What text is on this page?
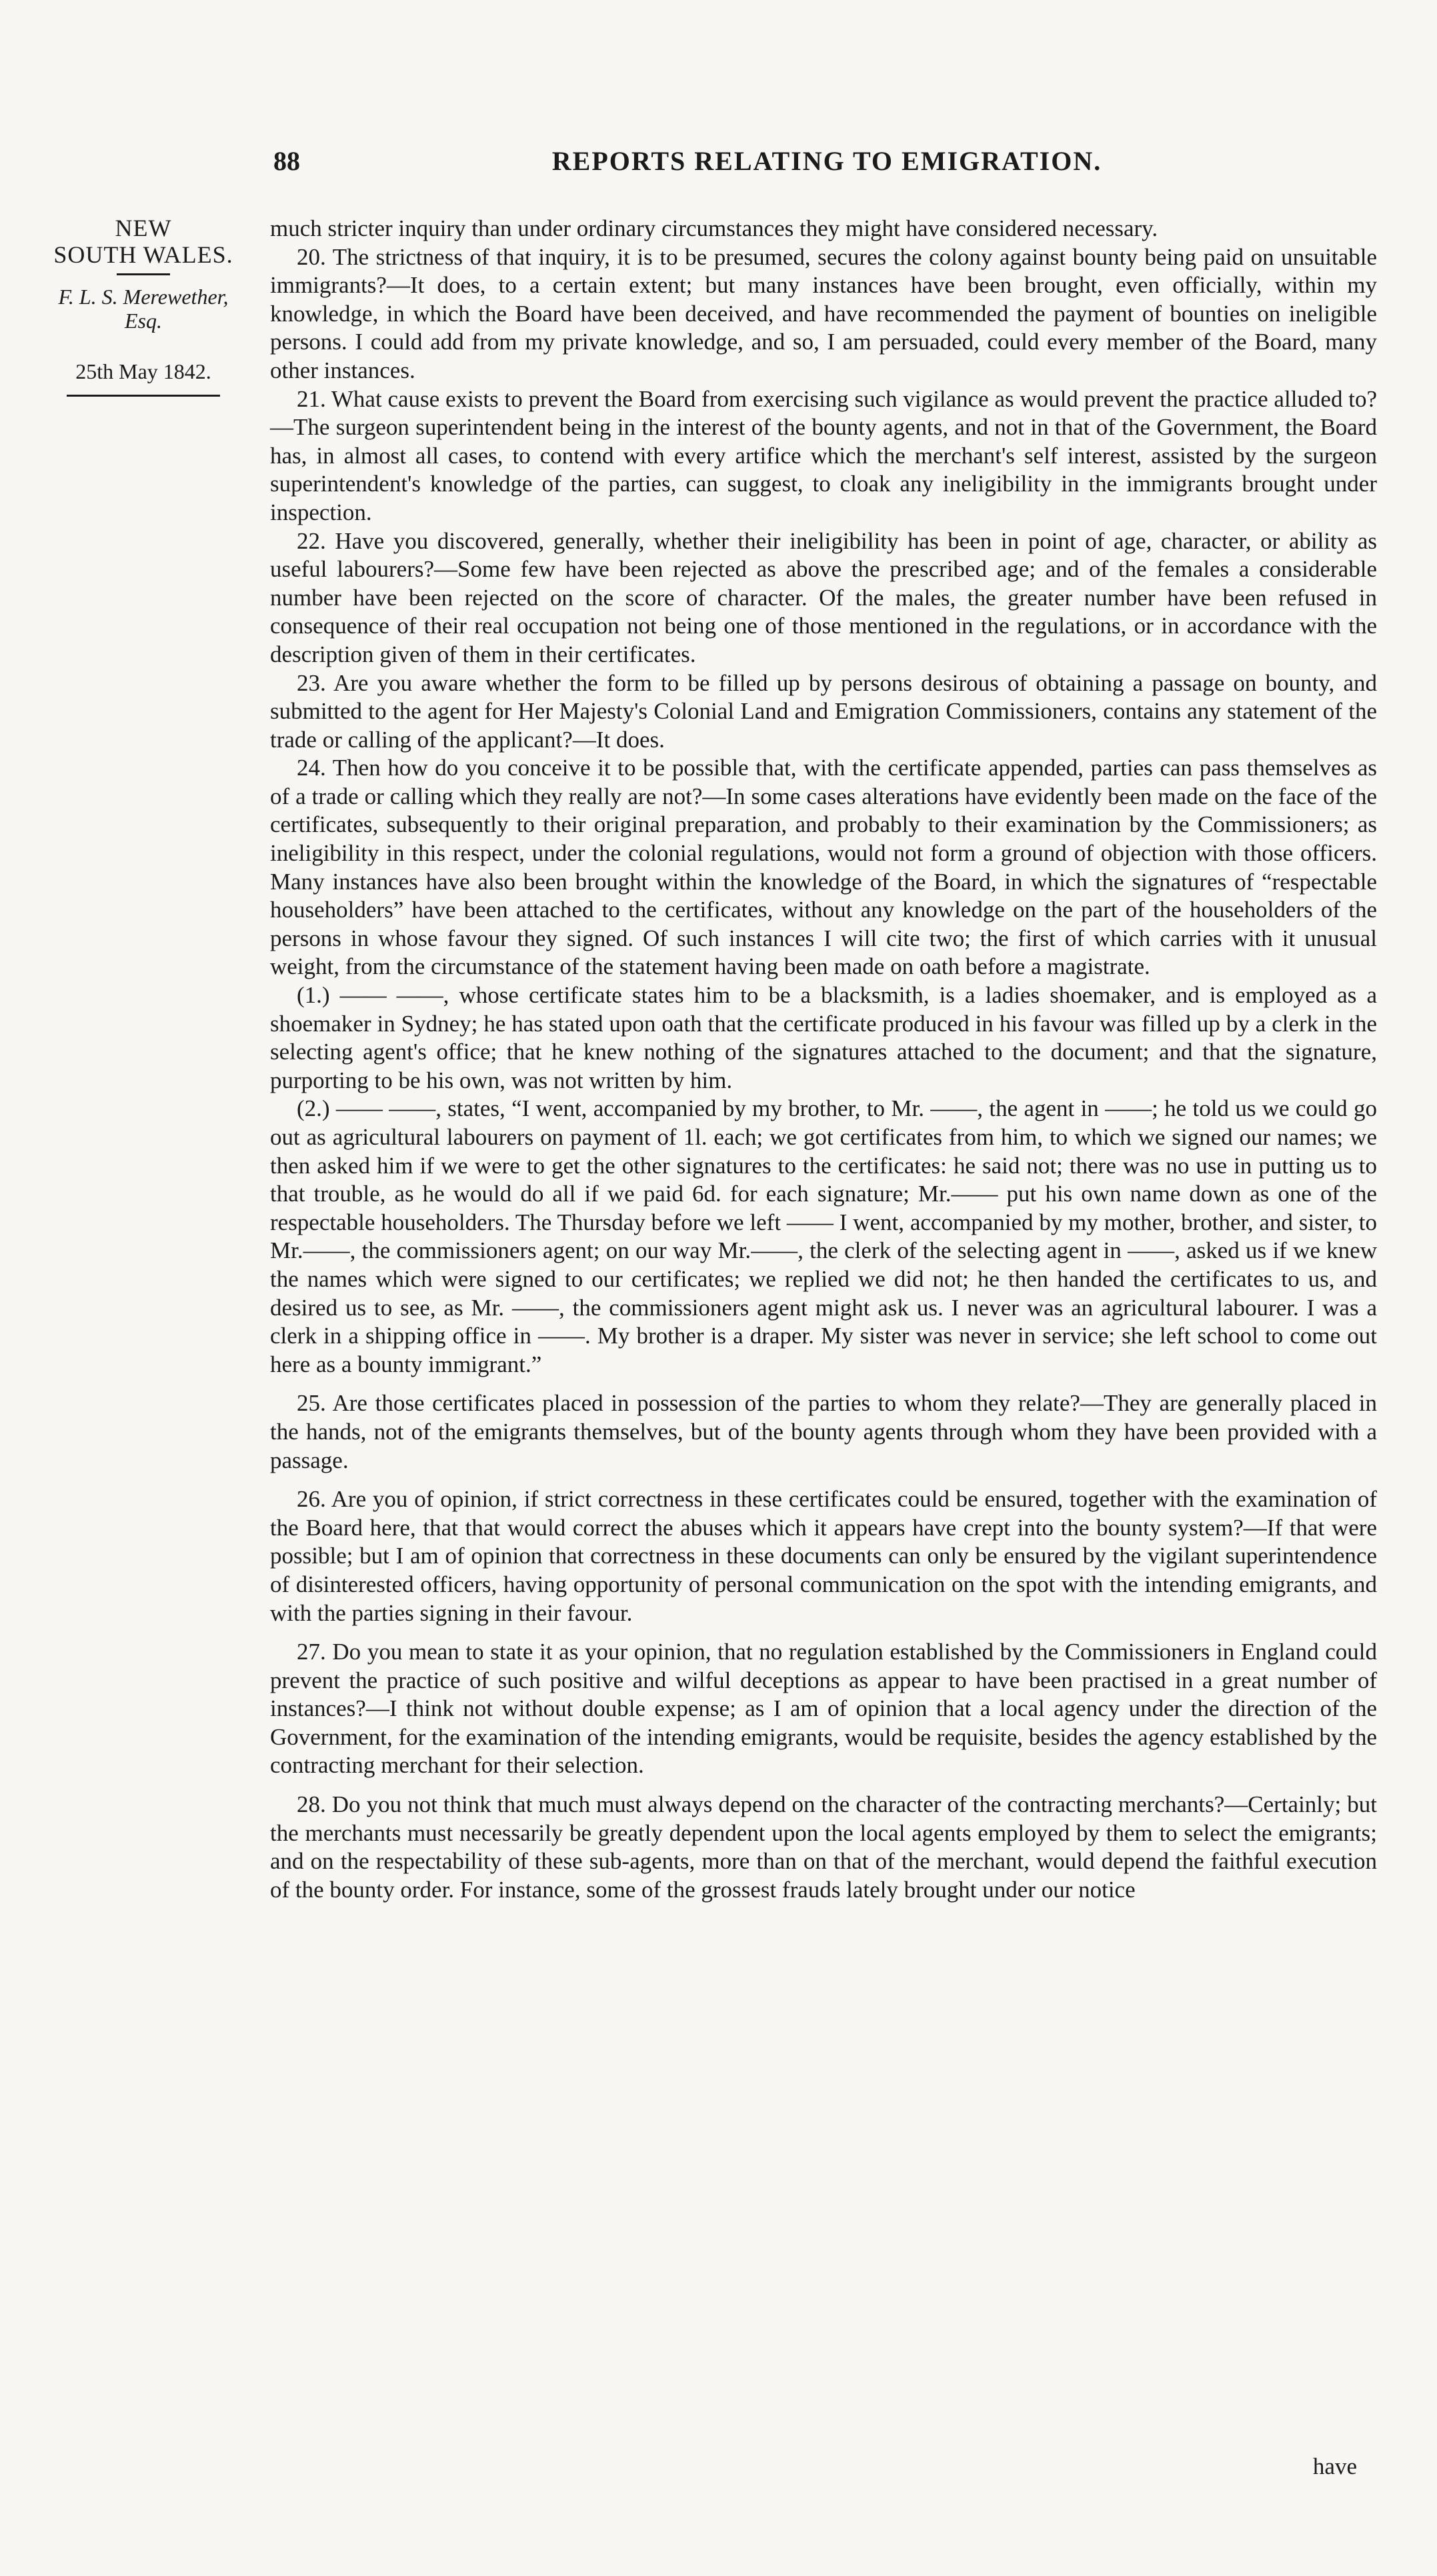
88	REPORTS RELATING TO EMIGRATION.
NEW
SOUTH WALES.
F. L. S. Merewether,
Esq.
25th May 1842.

much stricter inquiry than under ordinary circumstances they might have considered necessary.

20. The strictness of that inquiry, it is to be presumed, secures the colony against bounty being paid on unsuitable immigrants?—It does, to a certain extent; but many instances have been brought, even officially, within my knowledge, in which the Board have been deceived, and have recommended the payment of bounties on ineligible persons. I could add from my private knowledge, and so, I am persuaded, could every member of the Board, many other instances.

21. What cause exists to prevent the Board from exercising such vigilance as would prevent the practice alluded to?—The surgeon superintendent being in the interest of the bounty agents, and not in that of the Government, the Board has, in almost all cases, to contend with every artifice which the merchant's self interest, assisted by the surgeon superintendent's knowledge of the parties, can suggest, to cloak any ineligibility in the immigrants brought under inspection.

22. Have you discovered, generally, whether their ineligibility has been in point of age, character, or ability as useful labourers?—Some few have been rejected as above the prescribed age; and of the females a considerable number have been rejected on the score of character. Of the males, the greater number have been refused in consequence of their real occupation not being one of those mentioned in the regulations, or in accordance with the description given of them in their certificates.

23. Are you aware whether the form to be filled up by persons desirous of obtaining a passage on bounty, and submitted to the agent for Her Majesty's Colonial Land and Emigration Commissioners, contains any statement of the trade or calling of the applicant?—It does.

24. Then how do you conceive it to be possible that, with the certificate appended, parties can pass themselves as of a trade or calling which they really are not?—In some cases alterations have evidently been made on the face of the certificates, subsequently to their original preparation, and probably to their examination by the Commissioners; as ineligibility in this respect, under the colonial regulations, would not form a ground of objection with those officers. Many instances have also been brought within the knowledge of the Board, in which the signatures of “respectable householders” have been attached to the certificates, without any knowledge on the part of the householders of the persons in whose favour they signed. Of such instances I will cite two; the first of which carries with it unusual weight, from the circumstance of the statement having been made on oath before a magistrate.

(1.) —— ——, whose certificate states him to be a blacksmith, is a ladies shoemaker, and is employed as a shoemaker in Sydney; he has stated upon oath that the certificate produced in his favour was filled up by a clerk in the selecting agent's office; that he knew nothing of the signatures attached to the document; and that the signature, purporting to be his own, was not written by him.

(2.) —— ——, states, “I went, accompanied by my brother, to Mr. ——, the agent in ——; he told us we could go out as agricultural labourers on payment of 1l. each; we got certificates from him, to which we signed our names; we then asked him if we were to get the other signatures to the certificates: he said not; there was no use in putting us to that trouble, as he would do all if we paid 6d. for each signature; Mr.—— put his own name down as one of the respectable householders. The Thursday before we left —— I went, accompanied by my mother, brother, and sister, to Mr.——, the commissioners agent; on our way Mr.——, the clerk of the selecting agent in ——, asked us if we knew the names which were signed to our certificates; we replied we did not; he then handed the certificates to us, and desired us to see, as Mr. ——, the commissioners agent might ask us. I never was an agricultural labourer. I was a clerk in a shipping office in ——. My brother is a draper. My sister was never in service; she left school to come out here as a bounty immigrant.”

25. Are those certificates placed in possession of the parties to whom they relate?—They are generally placed in the hands, not of the emigrants themselves, but of the bounty agents through whom they have been provided with a passage.

26. Are you of opinion, if strict correctness in these certificates could be ensured, together with the examination of the Board here, that that would correct the abuses which it appears have crept into the bounty system?—If that were possible; but I am of opinion that correctness in these documents can only be ensured by the vigilant superintendence of disinterested officers, having opportunity of personal communication on the spot with the intending emigrants, and with the parties signing in their favour.

27. Do you mean to state it as your opinion, that no regulation established by the Commissioners in England could prevent the practice of such positive and wilful deceptions as appear to have been practised in a great number of instances?—I think not without double expense; as I am of opinion that a local agency under the direction of the Government, for the examination of the intending emigrants, would be requisite, besides the agency established by the contracting merchant for their selection.

28. Do you not think that much must always depend on the character of the contracting merchants?—Certainly; but the merchants must necessarily be greatly dependent upon the local agents employed by them to select the emigrants; and on the respectability of these sub-agents, more than on that of the merchant, would depend the faithful execution of the bounty order. For instance, some of the grossest frauds lately brought under our notice

have
